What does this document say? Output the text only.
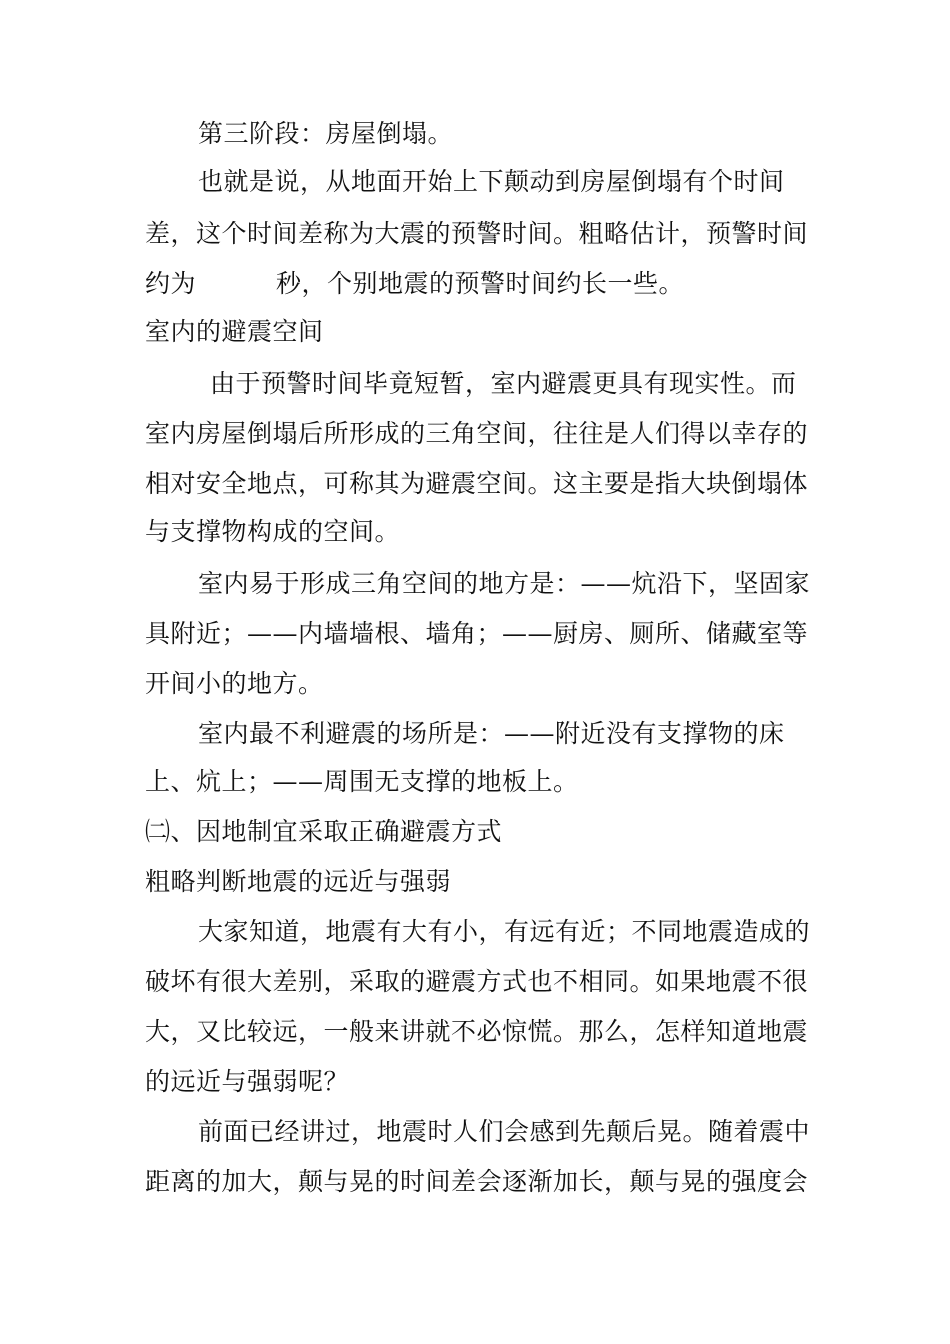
第三阶段：房屋倒塌。
也就是说，从地面开始上下颠动到房屋倒塌有个时间
差，这个时间差称为大震的预警时间。粗略估计，预警时间
约为	秒，个别地震的预警时间约长一些。
室内的避震空间
由于预警时间毕竟短暂，室内避震更具有现实性。而
室内房屋倒塌后所形成的三角空间，往往是人们得以幸存的
相对安全地点，可称其为避震空间。这主要是指大块倒塌体
与支撑物构成的空间。
室内易于形成三角空间的地方是：——炕沿下，坚固家
具附近；——内墙墙根、墙角；——厨房、厕所、储藏室等
开间小的地方。
室内最不利避震的场所是：——附近没有支撑物的床
上、炕上；——周围无支撑的地板上。
㈡、因地制宜采取正确避震方式
粗略判断地震的远近与强弱
大家知道，地震有大有小，有远有近；不同地震造成的
破坏有很大差别，采取的避震方式也不相同。如果地震不很
大，又比较远，一般来讲就不必惊慌。那么，怎样知道地震
的远近与强弱呢？
前面已经讲过，地震时人们会感到先颠后晃。随着震中
距离的加大，颠与晃的时间差会逐渐加长，颠与晃的强度会
